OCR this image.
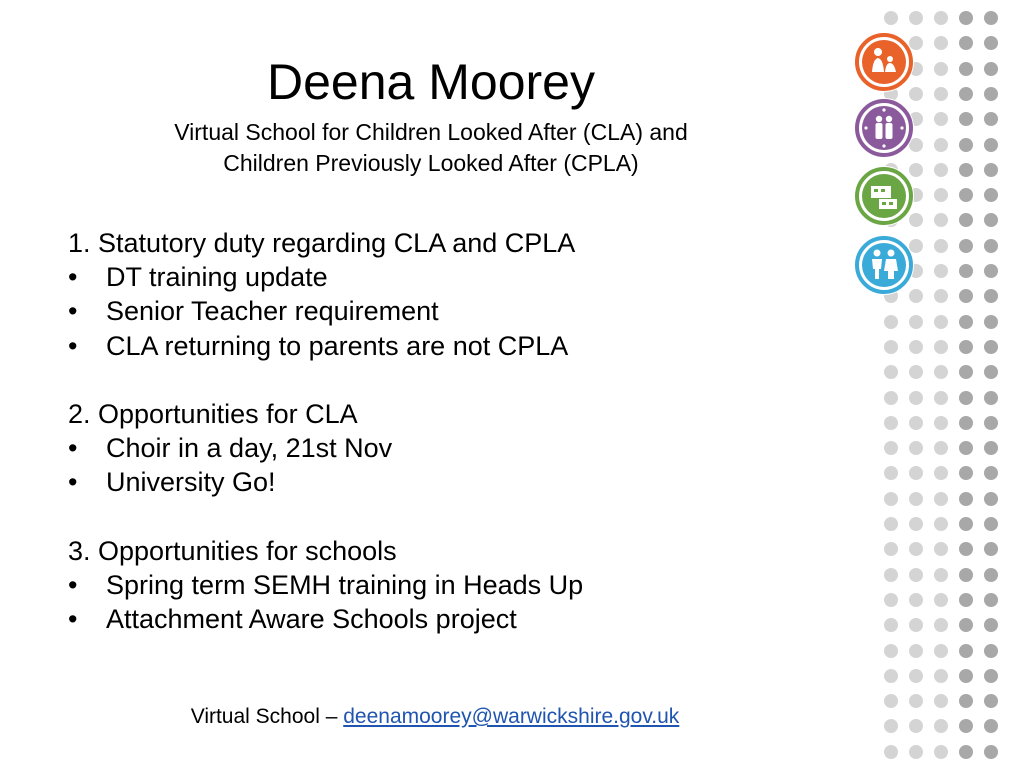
Deena Moorey
Virtual School for Children Looked After (CLA) and
Children Previously Looked After (CPLA)
1. Statutory duty regarding CLA and CPLA
•	DT training update
•	Senior Teacher requirement
•	CLA returning to parents are not CPLA
2. Opportunities for CLA
•	Choir in a day, 21st Nov
•	University Go!
3. Opportunities for schools
•	Spring term SEMH training in Heads Up
•	Attachment Aware Schools project
Virtual School – deenamoorey@warwickshire.gov.uk
